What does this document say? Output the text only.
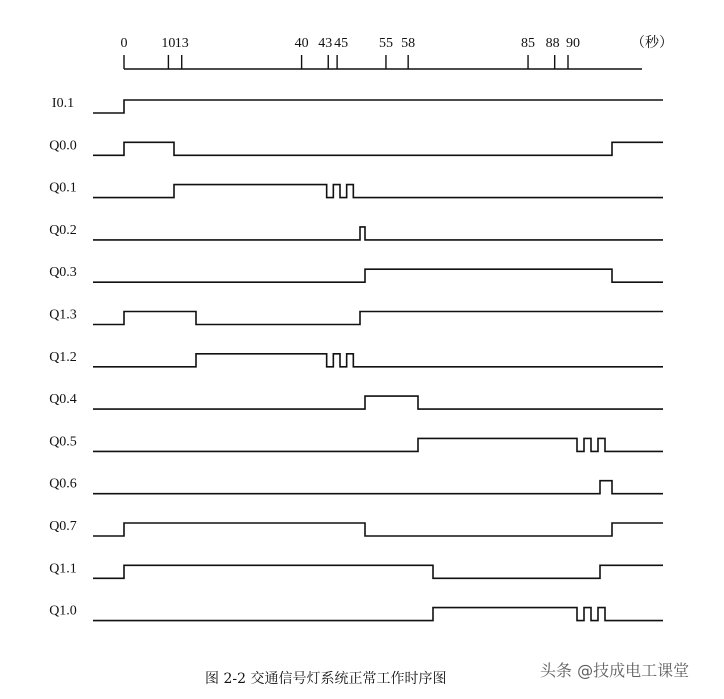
0 10 13	40 43 45 55 58	85 88 90	（秒）
I0.1
Q0.0
Q0.1
Q0.2
Q0.3
Q1.3
Q1.2
Q0.4
Q0.5
Q0.6
Q0.7
Q1.1
Q1.0
图 2-2 交通信号灯系统正常工作时序图	头条 @技成电工课堂
